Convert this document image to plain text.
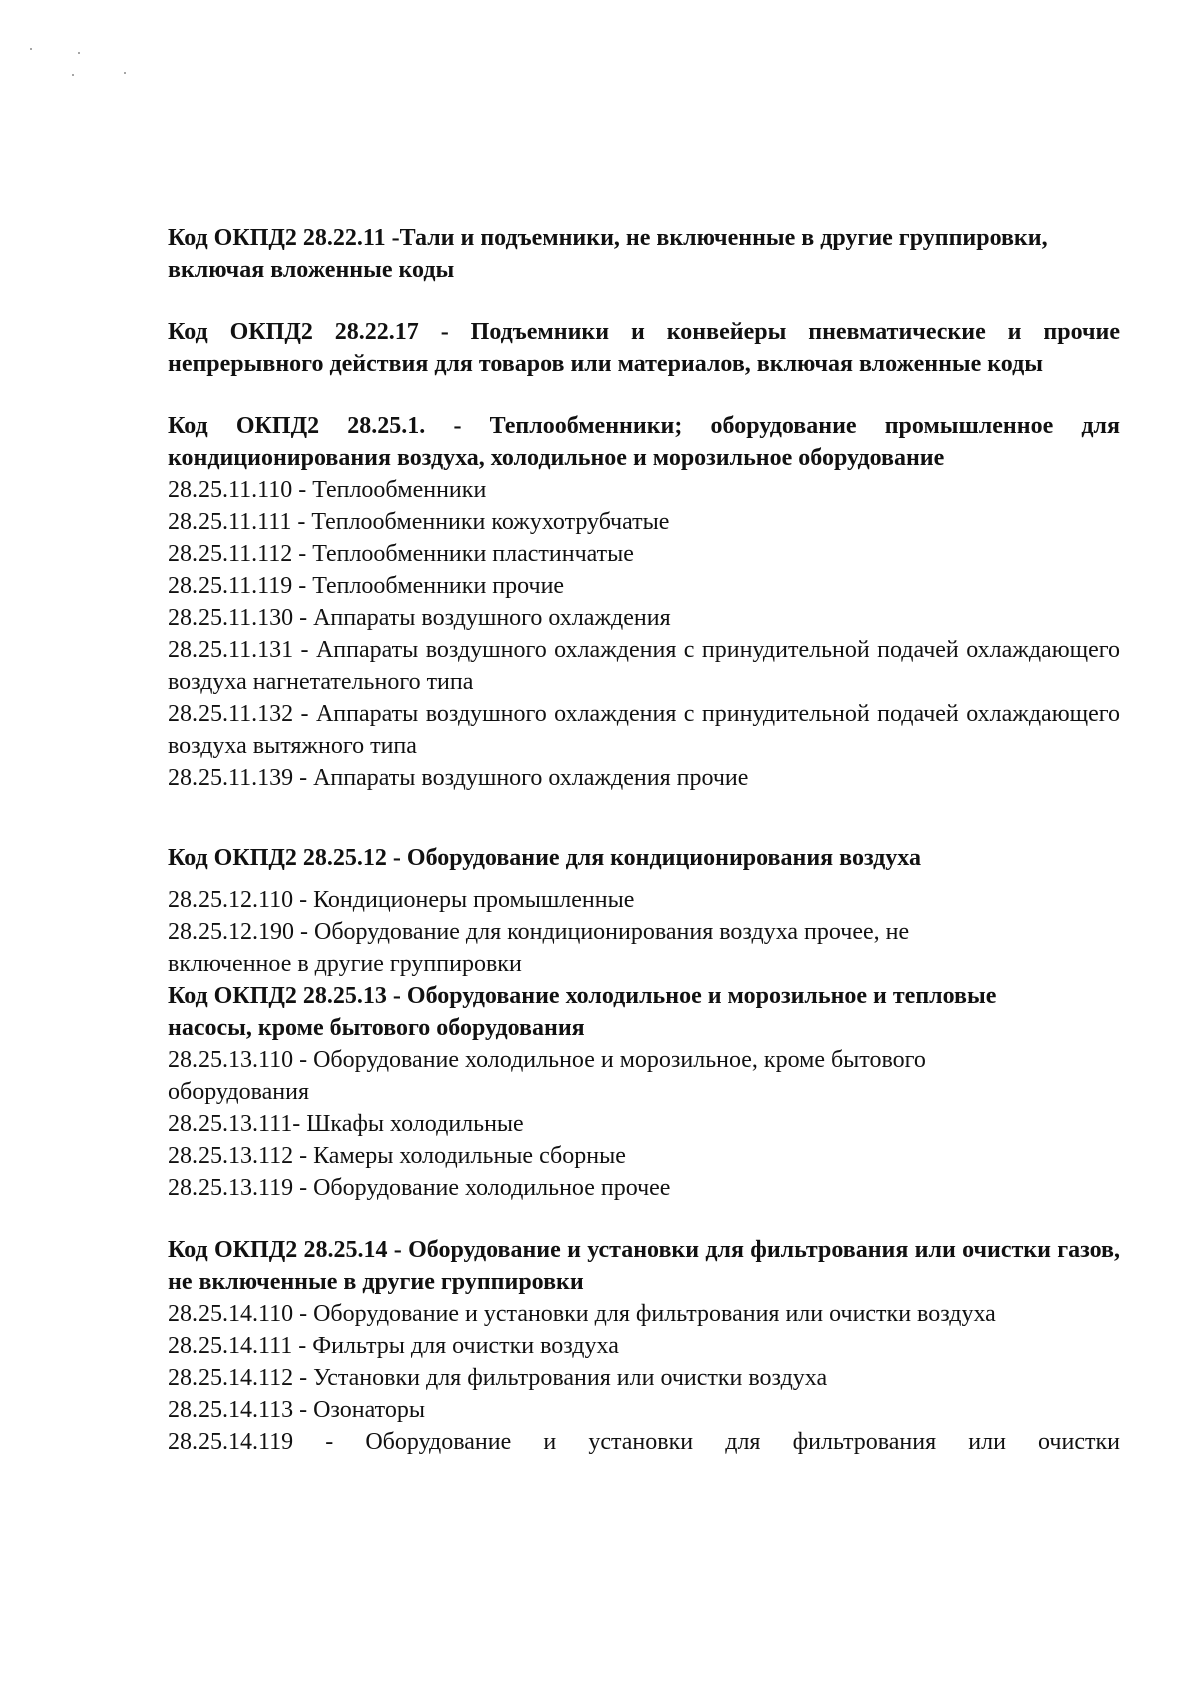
Код ОКПД2 28.22.11 -Тали и подъемники, не включенные в другие группировки, включая вложенные коды

Код ОКПД2 28.22.17 - Подъемники и конвейеры пневматические и прочие непрерывного действия для товаров или материалов, включая вложенные коды

Код ОКПД2 28.25.1. - Теплообменники; оборудование промышленное для кондиционирования воздуха, холодильное и морозильное оборудование

28.25.11.110 - Теплообменники

28.25.11.111 - Теплообменники кожухотрубчатые

28.25.11.112 - Теплообменники пластинчатые

28.25.11.119 - Теплообменники прочие

28.25.11.130 - Аппараты воздушного охлаждения

28.25.11.131 - Аппараты воздушного охлаждения с принудительной подачей охлаждающего воздуха нагнетательного типа

28.25.11.132 - Аппараты воздушного охлаждения с принудительной подачей охлаждающего воздуха вытяжного типа

28.25.11.139 - Аппараты воздушного охлаждения прочие

Код ОКПД2 28.25.12 - Оборудование для кондиционирования воздуха

28.25.12.110 - Кондиционеры промышленные

28.25.12.190 - Оборудование для кондиционирования воздуха прочее, не включенное в другие группировки

Код ОКПД2 28.25.13 - Оборудование холодильное и морозильное и тепловые насосы, кроме бытового оборудования

28.25.13.110 - Оборудование холодильное и морозильное, кроме бытового оборудования

28.25.13.111- Шкафы холодильные

28.25.13.112 - Камеры холодильные сборные

28.25.13.119 - Оборудование холодильное прочее

Код ОКПД2 28.25.14 - Оборудование и установки для фильтрования или очистки газов, не включенные в другие группировки

28.25.14.110 - Оборудование и установки для фильтрования или очистки воздуха

28.25.14.111 - Фильтры для очистки воздуха

28.25.14.112 - Установки для фильтрования или очистки воздуха

28.25.14.113 - Озонаторы

28.25.14.119 - Оборудование и установки для фильтрования или очистки
